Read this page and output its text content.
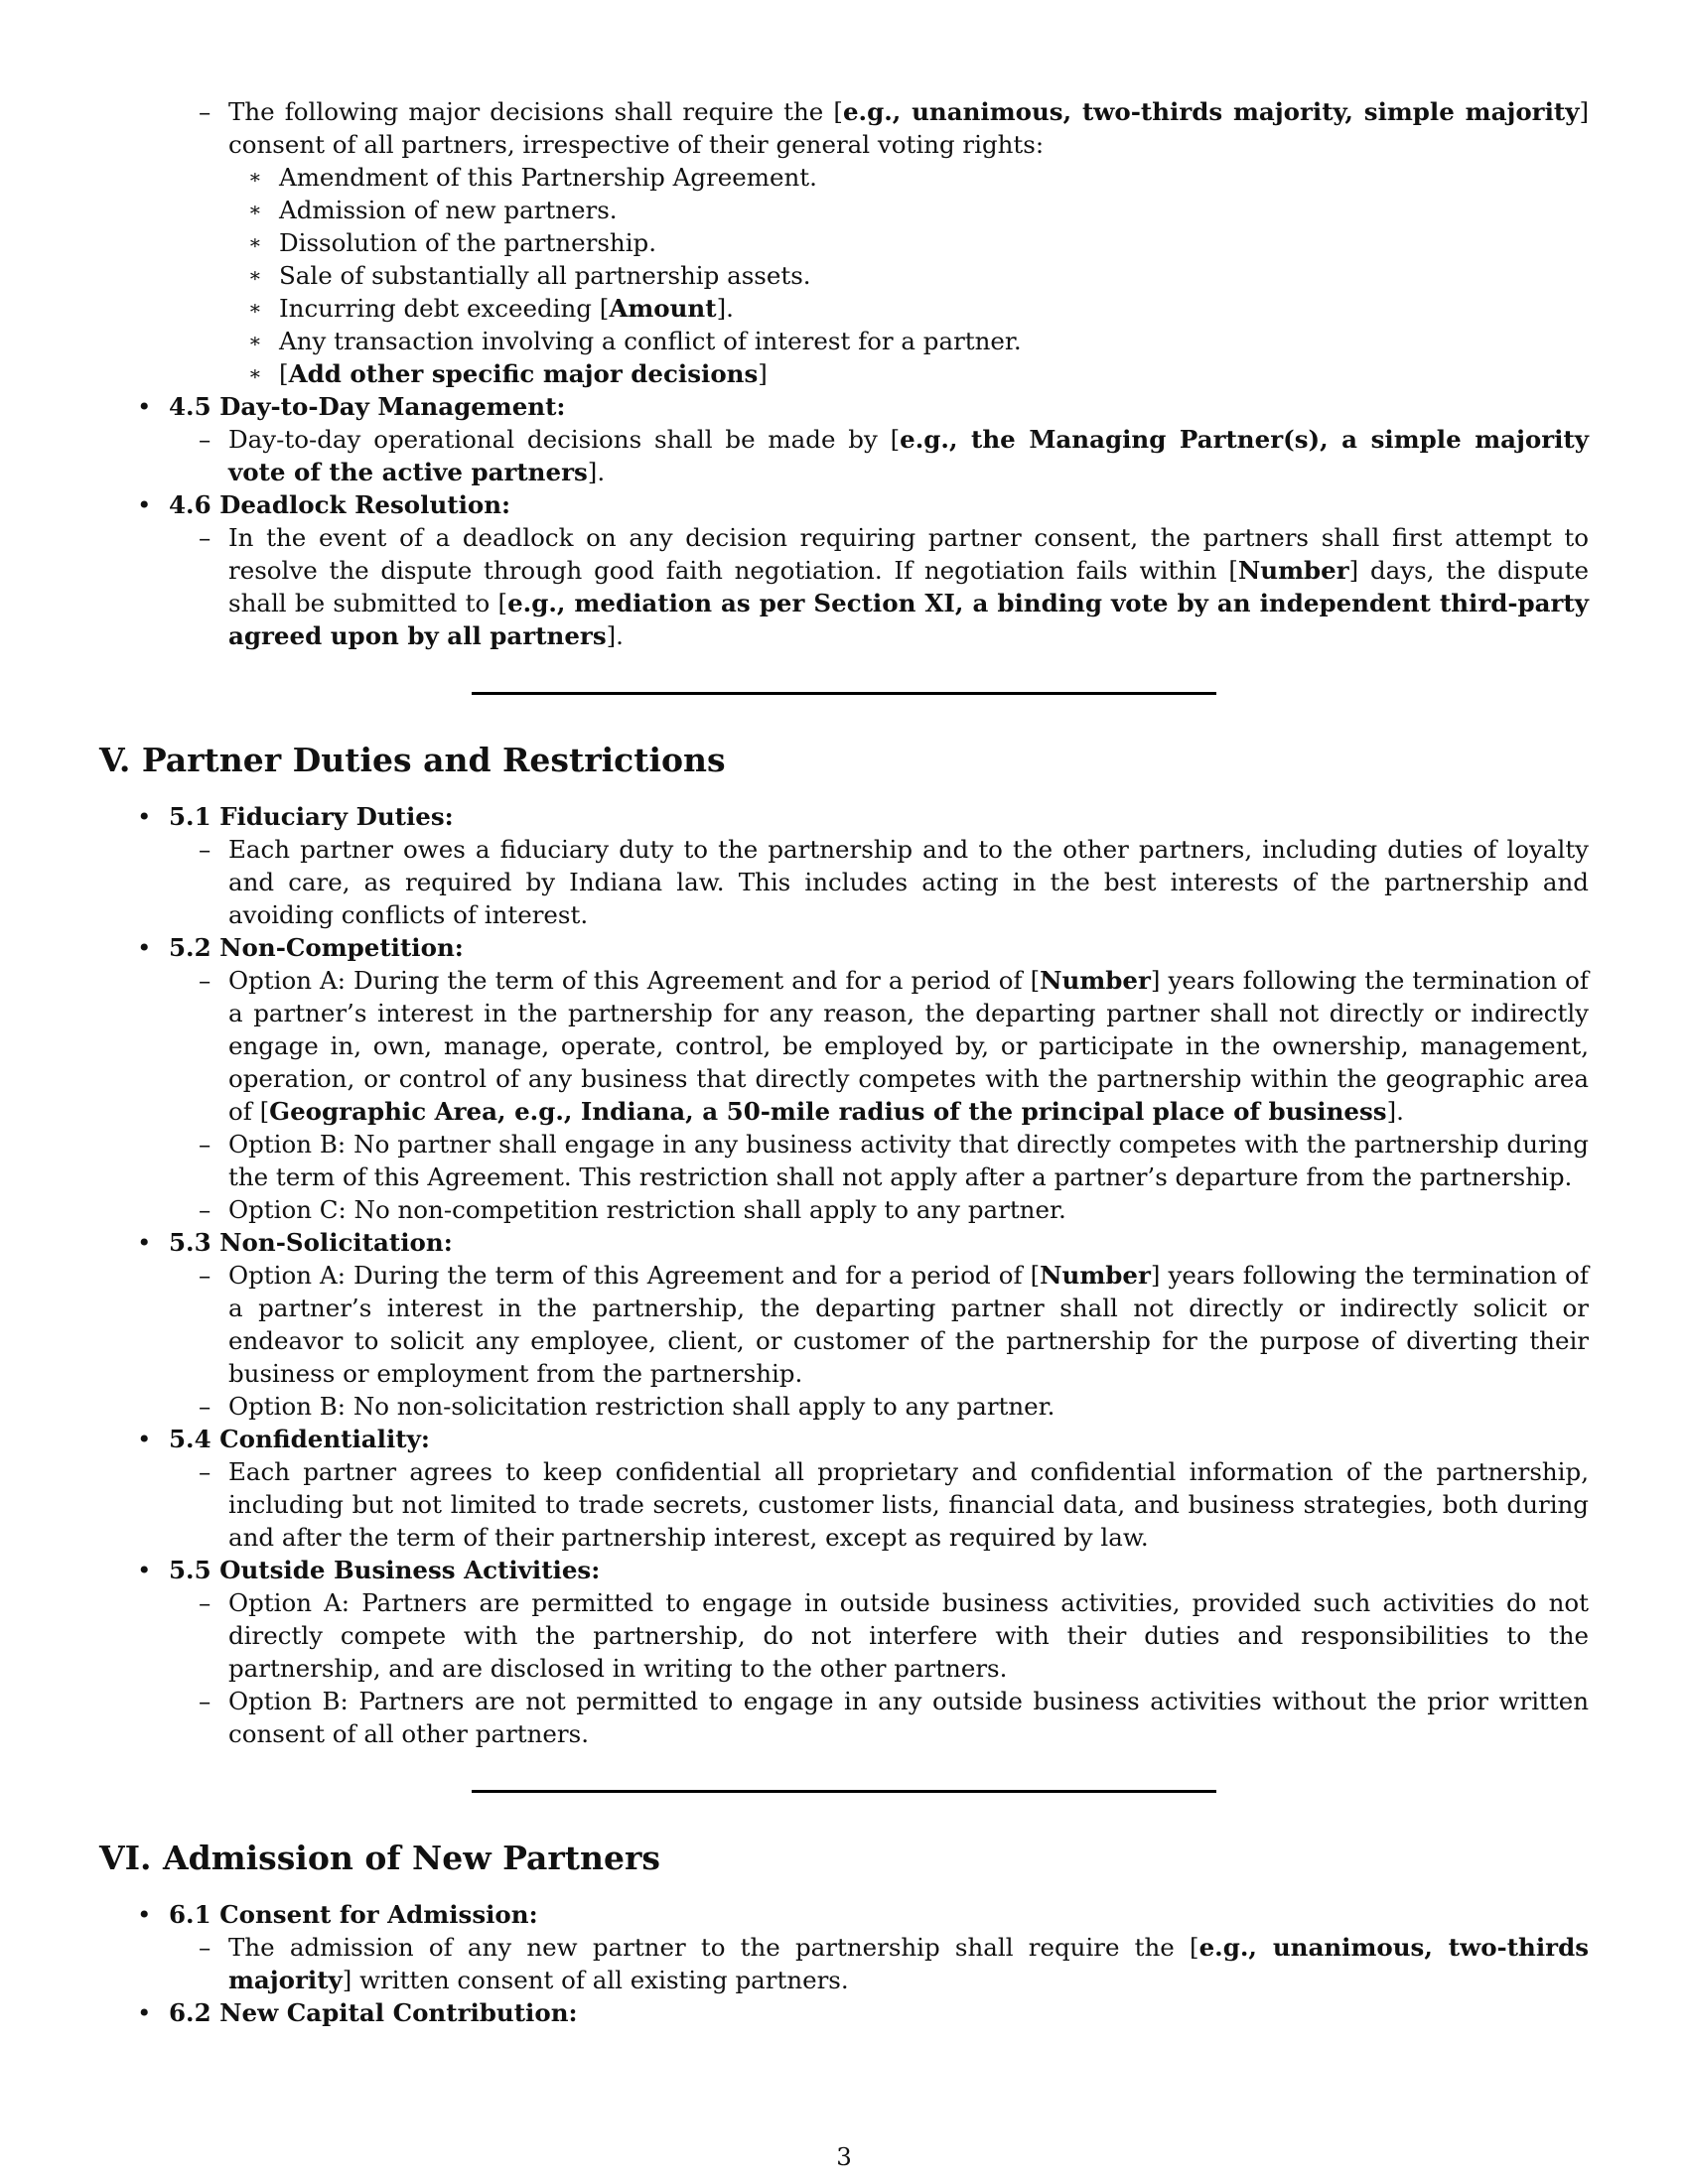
– The following major decisions shall require the [e.g., unanimous, two-thirds majority, simple majority] consent of all partners, irrespective of their general voting rights:
∗ Amendment of this Partnership Agreement.
∗ Admission of new partners.
∗ Dissolution of the partnership.
∗ Sale of substantially all partnership assets.
∗ Incurring debt exceeding [Amount].
∗ Any transaction involving a conflict of interest for a partner.
∗ [Add other specific major decisions]
• 4.5 Day-to-Day Management:
– Day-to-day operational decisions shall be made by [e.g., the Managing Partner(s), a simple majority vote of the active partners].
• 4.6 Deadlock Resolution:
– In the event of a deadlock on any decision requiring partner consent, the partners shall first attempt to resolve the dispute through good faith negotiation. If negotiation fails within [Number] days, the dispute shall be submitted to [e.g., mediation as per Section XI, a binding vote by an independent third-party agreed upon by all partners].
V. Partner Duties and Restrictions
• 5.1 Fiduciary Duties:
– Each partner owes a fiduciary duty to the partnership and to the other partners, including duties of loyalty and care, as required by Indiana law. This includes acting in the best interests of the partnership and avoiding conflicts of interest.
• 5.2 Non-Competition:
– Option A: During the term of this Agreement and for a period of [Number] years following the termination of a partner’s interest in the partnership for any reason, the departing partner shall not directly or indirectly engage in, own, manage, operate, control, be employed by, or participate in the ownership, management, operation, or control of any business that directly competes with the partnership within the geographic area of [Geographic Area, e.g., Indiana, a 50-mile radius of the principal place of business].
– Option B: No partner shall engage in any business activity that directly competes with the partnership during the term of this Agreement. This restriction shall not apply after a partner’s departure from the partnership.
– Option C: No non-competition restriction shall apply to any partner.
• 5.3 Non-Solicitation:
– Option A: During the term of this Agreement and for a period of [Number] years following the termination of a partner’s interest in the partnership, the departing partner shall not directly or indirectly solicit or endeavor to solicit any employee, client, or customer of the partnership for the purpose of diverting their business or employment from the partnership.
– Option B: No non-solicitation restriction shall apply to any partner.
• 5.4 Confidentiality:
– Each partner agrees to keep confidential all proprietary and confidential information of the partnership, including but not limited to trade secrets, customer lists, financial data, and business strategies, both during and after the term of their partnership interest, except as required by law.
• 5.5 Outside Business Activities:
– Option A: Partners are permitted to engage in outside business activities, provided such activities do not directly compete with the partnership, do not interfere with their duties and responsibilities to the partnership, and are disclosed in writing to the other partners.
– Option B: Partners are not permitted to engage in any outside business activities without the prior written consent of all other partners.
VI. Admission of New Partners
• 6.1 Consent for Admission:
– The admission of any new partner to the partnership shall require the [e.g., unanimous, two-thirds majority] written consent of all existing partners.
• 6.2 New Capital Contribution:
3
